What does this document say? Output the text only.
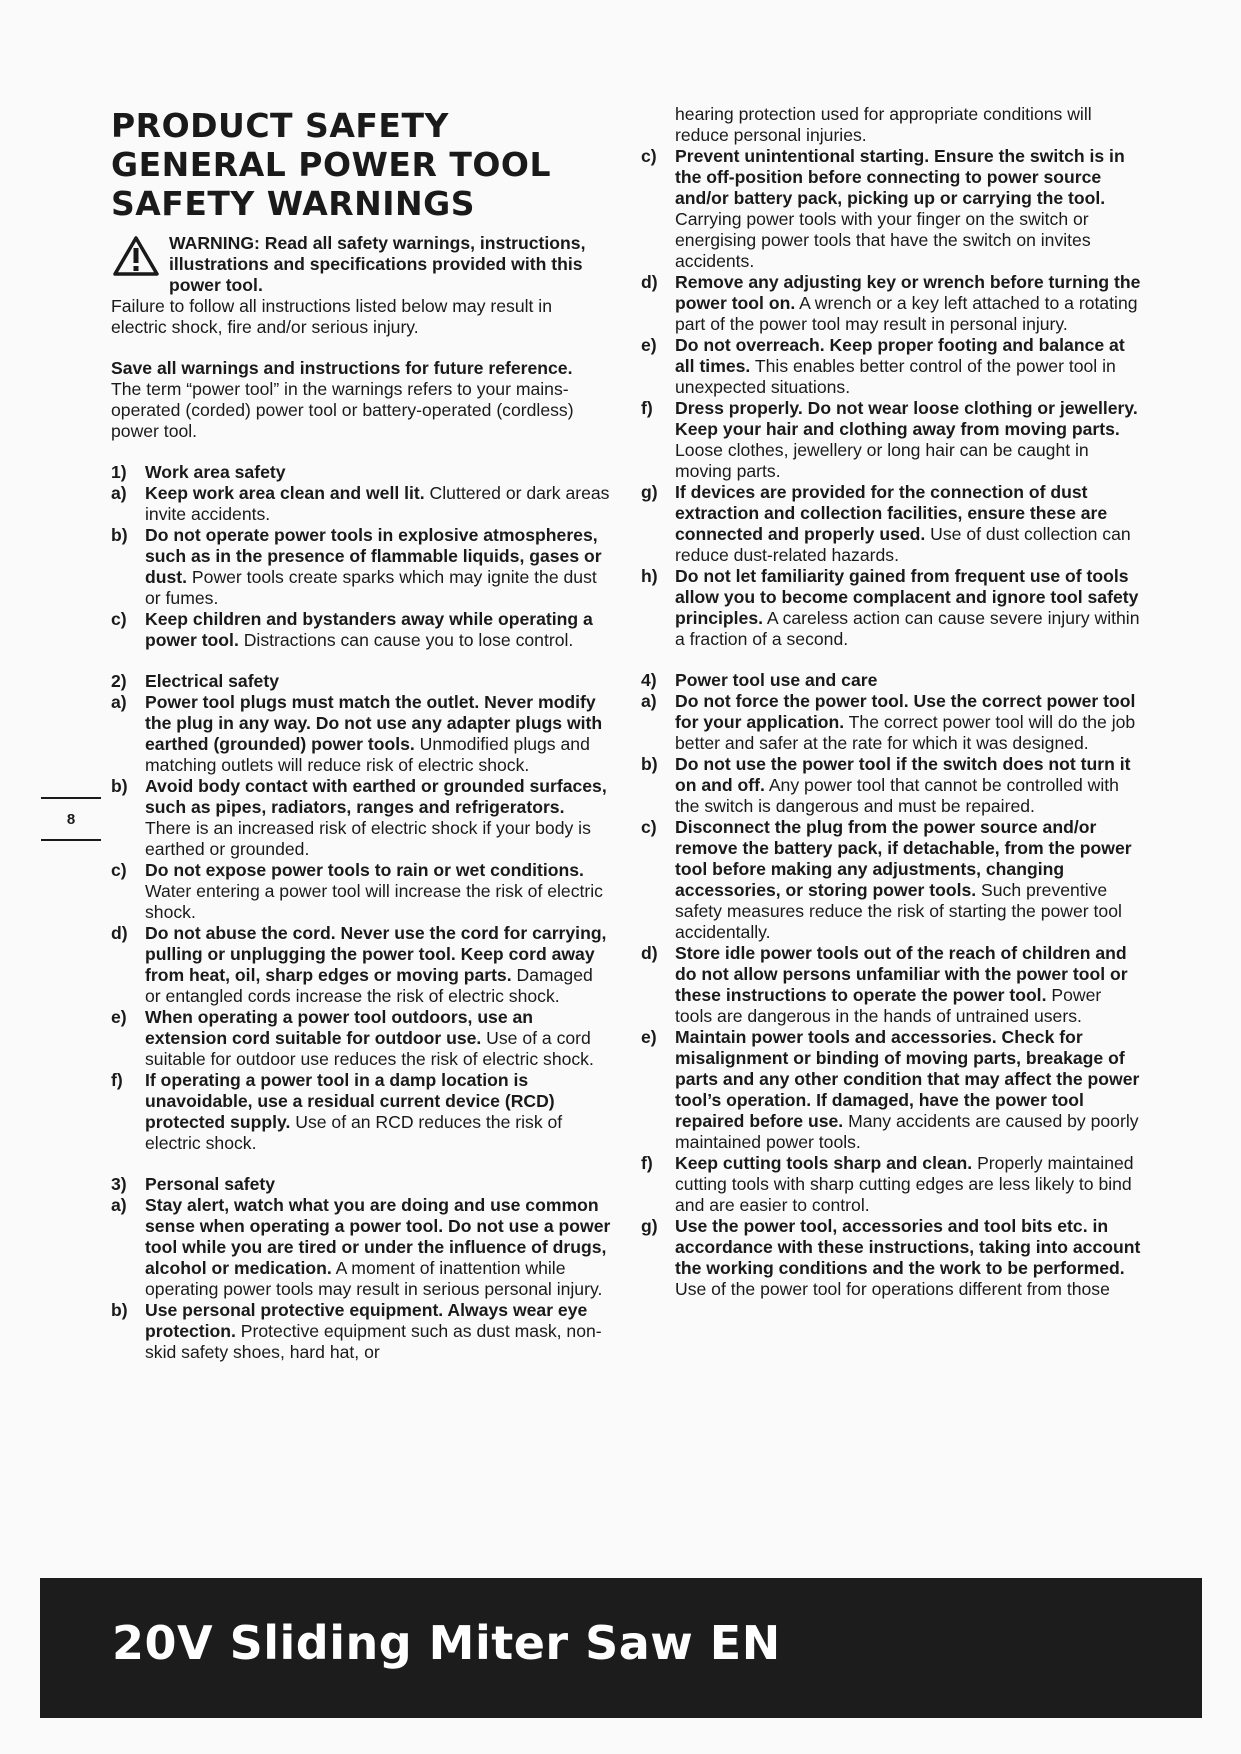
PRODUCT SAFETY
GENERAL POWER TOOL
SAFETY WARNINGS
WARNING: Read all safety warnings, instructions, illustrations and specifications provided with this power tool.

Failure to follow all instructions listed below may result in electric shock, fire and/or serious injury.

Save all warnings and instructions for future reference.

The term “power tool” in the warnings refers to your mains-operated (corded) power tool or battery-operated (cordless) power tool.

1) Work area safety
a) Keep work area clean and well lit. Cluttered or dark areas invite accidents.
b) Do not operate power tools in explosive atmospheres, such as in the presence of flammable liquids, gases or dust. Power tools create sparks which may ignite the dust or fumes.
c) Keep children and bystanders away while operating a power tool. Distractions can cause you to lose control.
2) Electrical safety
a) Power tool plugs must match the outlet. Never modify the plug in any way. Do not use any adapter plugs with earthed (grounded) power tools. Unmodified plugs and matching outlets will reduce risk of electric shock.
b) Avoid body contact with earthed or grounded surfaces, such as pipes, radiators, ranges and refrigerators. There is an increased risk of electric shock if your body is earthed or grounded.
c) Do not expose power tools to rain or wet conditions. Water entering a power tool will increase the risk of electric shock.
d) Do not abuse the cord. Never use the cord for carrying, pulling or unplugging the power tool. Keep cord away from heat, oil, sharp edges or moving parts. Damaged or entangled cords increase the risk of electric shock.
e) When operating a power tool outdoors, use an extension cord suitable for outdoor use. Use of a cord suitable for outdoor use reduces the risk of electric shock.
f) If operating a power tool in a damp location is unavoidable, use a residual current device (RCD) protected supply. Use of an RCD reduces the risk of electric shock.
3) Personal safety
a) Stay alert, watch what you are doing and use common sense when operating a power tool. Do not use a power tool while you are tired or under the influence of drugs, alcohol or medication. A moment of inattention while operating power tools may result in serious personal injury.
b) Use personal protective equipment. Always wear eye protection. Protective equipment such as dust mask, non-skid safety shoes, hard hat, or

hearing protection used for appropriate conditions will reduce personal injuries.

c) Prevent unintentional starting. Ensure the switch is in the off-position before connecting to power source and/or battery pack, picking up or carrying the tool. Carrying power tools with your finger on the switch or energising power tools that have the switch on invites accidents.
d) Remove any adjusting key or wrench before turning the power tool on. A wrench or a key left attached to a rotating part of the power tool may result in personal injury.
e) Do not overreach. Keep proper footing and balance at all times. This enables better control of the power tool in unexpected situations.
f) Dress properly. Do not wear loose clothing or jewellery. Keep your hair and clothing away from moving parts. Loose clothes, jewellery or long hair can be caught in moving parts.
g) If devices are provided for the connection of dust extraction and collection facilities, ensure these are connected and properly used. Use of dust collection can reduce dust-related hazards.
h) Do not let familiarity gained from frequent use of tools allow you to become complacent and ignore tool safety principles. A careless action can cause severe injury within a fraction of a second.
4) Power tool use and care
a) Do not force the power tool. Use the correct power tool for your application. The correct power tool will do the job better and safer at the rate for which it was designed.
b) Do not use the power tool if the switch does not turn it on and off. Any power tool that cannot be controlled with the switch is dangerous and must be repaired.
c) Disconnect the plug from the power source and/or remove the battery pack, if detachable, from the power tool before making any adjustments, changing accessories, or storing power tools. Such preventive safety measures reduce the risk of starting the power tool accidentally.
d) Store idle power tools out of the reach of children and do not allow persons unfamiliar with the power tool or these instructions to operate the power tool. Power tools are dangerous in the hands of untrained users.
e) Maintain power tools and accessories. Check for misalignment or binding of moving parts, breakage of parts and any other condition that may affect the power tool’s operation. If damaged, have the power tool repaired before use. Many accidents are caused by poorly maintained power tools.
f) Keep cutting tools sharp and clean. Properly maintained cutting tools with sharp cutting edges are less likely to bind and are easier to control.
g) Use the power tool, accessories and tool bits etc. in accordance with these instructions, taking into account the working conditions and the work to be performed. Use of the power tool for operations different from those
8
20V Sliding Miter Saw EN
